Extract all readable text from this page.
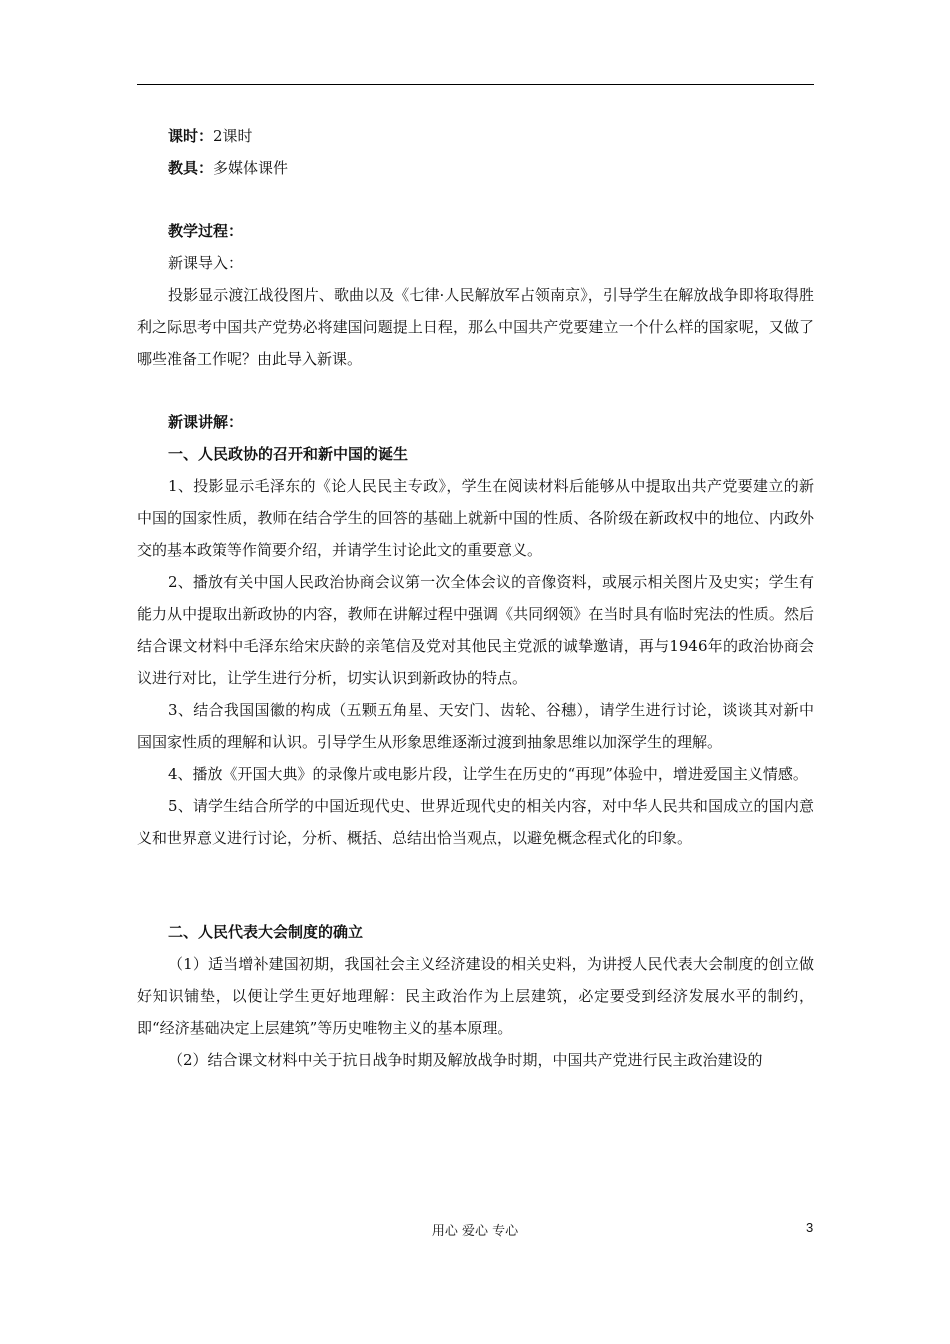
课时：2课时

教具：多媒体课件

教学过程：

新课导入：

投影显示渡江战役图片、歌曲以及《七律·人民解放军占领南京》，引导学生在解放战争即将取得胜利之际思考中国共产党势必将建国问题提上日程，那么中国共产党要建立一个什么样的国家呢，又做了哪些准备工作呢？由此导入新课。

新课讲解：

一、人民政协的召开和新中国的诞生

1、投影显示毛泽东的《论人民民主专政》，学生在阅读材料后能够从中提取出共产党要建立的新中国的国家性质，教师在结合学生的回答的基础上就新中国的性质、各阶级在新政权中的地位、内政外交的基本政策等作简要介绍，并请学生讨论此文的重要意义。

2、播放有关中国人民政治协商会议第一次全体会议的音像资料，或展示相关图片及史实；学生有能力从中提取出新政协的内容，教师在讲解过程中强调《共同纲领》在当时具有临时宪法的性质。然后结合课文材料中毛泽东给宋庆龄的亲笔信及党对其他民主党派的诚挚邀请，再与1946年的政治协商会议进行对比，让学生进行分析，切实认识到新政协的特点。

3、结合我国国徽的构成（五颗五角星、天安门、齿轮、谷穗），请学生进行讨论，谈谈其对新中国国家性质的理解和认识。引导学生从形象思维逐渐过渡到抽象思维以加深学生的理解。

4、播放《开国大典》的录像片或电影片段，让学生在历史的“再现”体验中，增进爱国主义情感。

5、请学生结合所学的中国近现代史、世界近现代史的相关内容，对中华人民共和国成立的国内意义和世界意义进行讨论，分析、概括、总结出恰当观点，以避免概念程式化的印象。

二、人民代表大会制度的确立

（1）适当增补建国初期，我国社会主义经济建设的相关史料，为讲授人民代表大会制度的创立做好知识铺垫，以便让学生更好地理解：民主政治作为上层建筑，必定要受到经济发展水平的制约，即“经济基础决定上层建筑”等历史唯物主义的基本原理。

（2）结合课文材料中关于抗日战争时期及解放战争时期，中国共产党进行民主政治建设的

用心 爱心 专心	3
